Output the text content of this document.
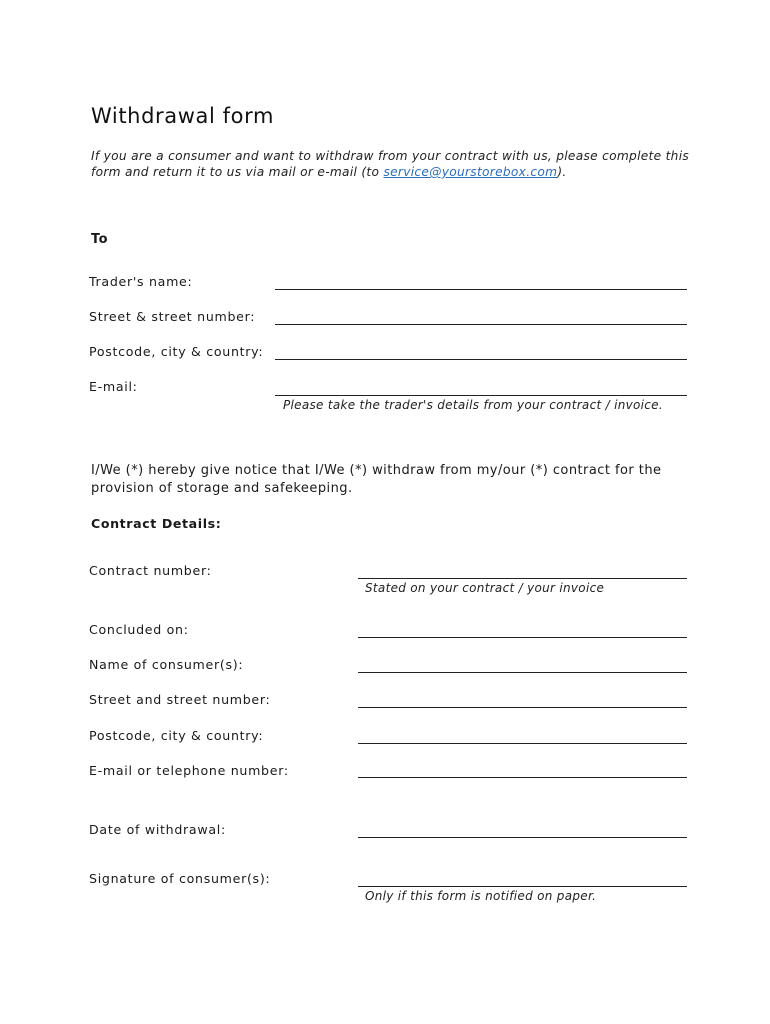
Withdrawal form
If you are a consumer and want to withdraw from your contract with us, please complete this form and return it to us via mail or e-mail (to service@yourstorebox.com).
To
Trader's name:
Street & street number:
Postcode, city & country:
E-mail:
Please take the trader's details from your contract / invoice.
I/We (*) hereby give notice that I/We (*) withdraw from my/our (*) contract for the provision of storage and safekeeping.
Contract Details:
Contract number:
Stated on your contract / your invoice
Concluded on:
Name of consumer(s):
Street and street number:
Postcode, city & country:
E-mail or telephone number:
Date of withdrawal:
Signature of consumer(s):
Only if this form is notified on paper.
